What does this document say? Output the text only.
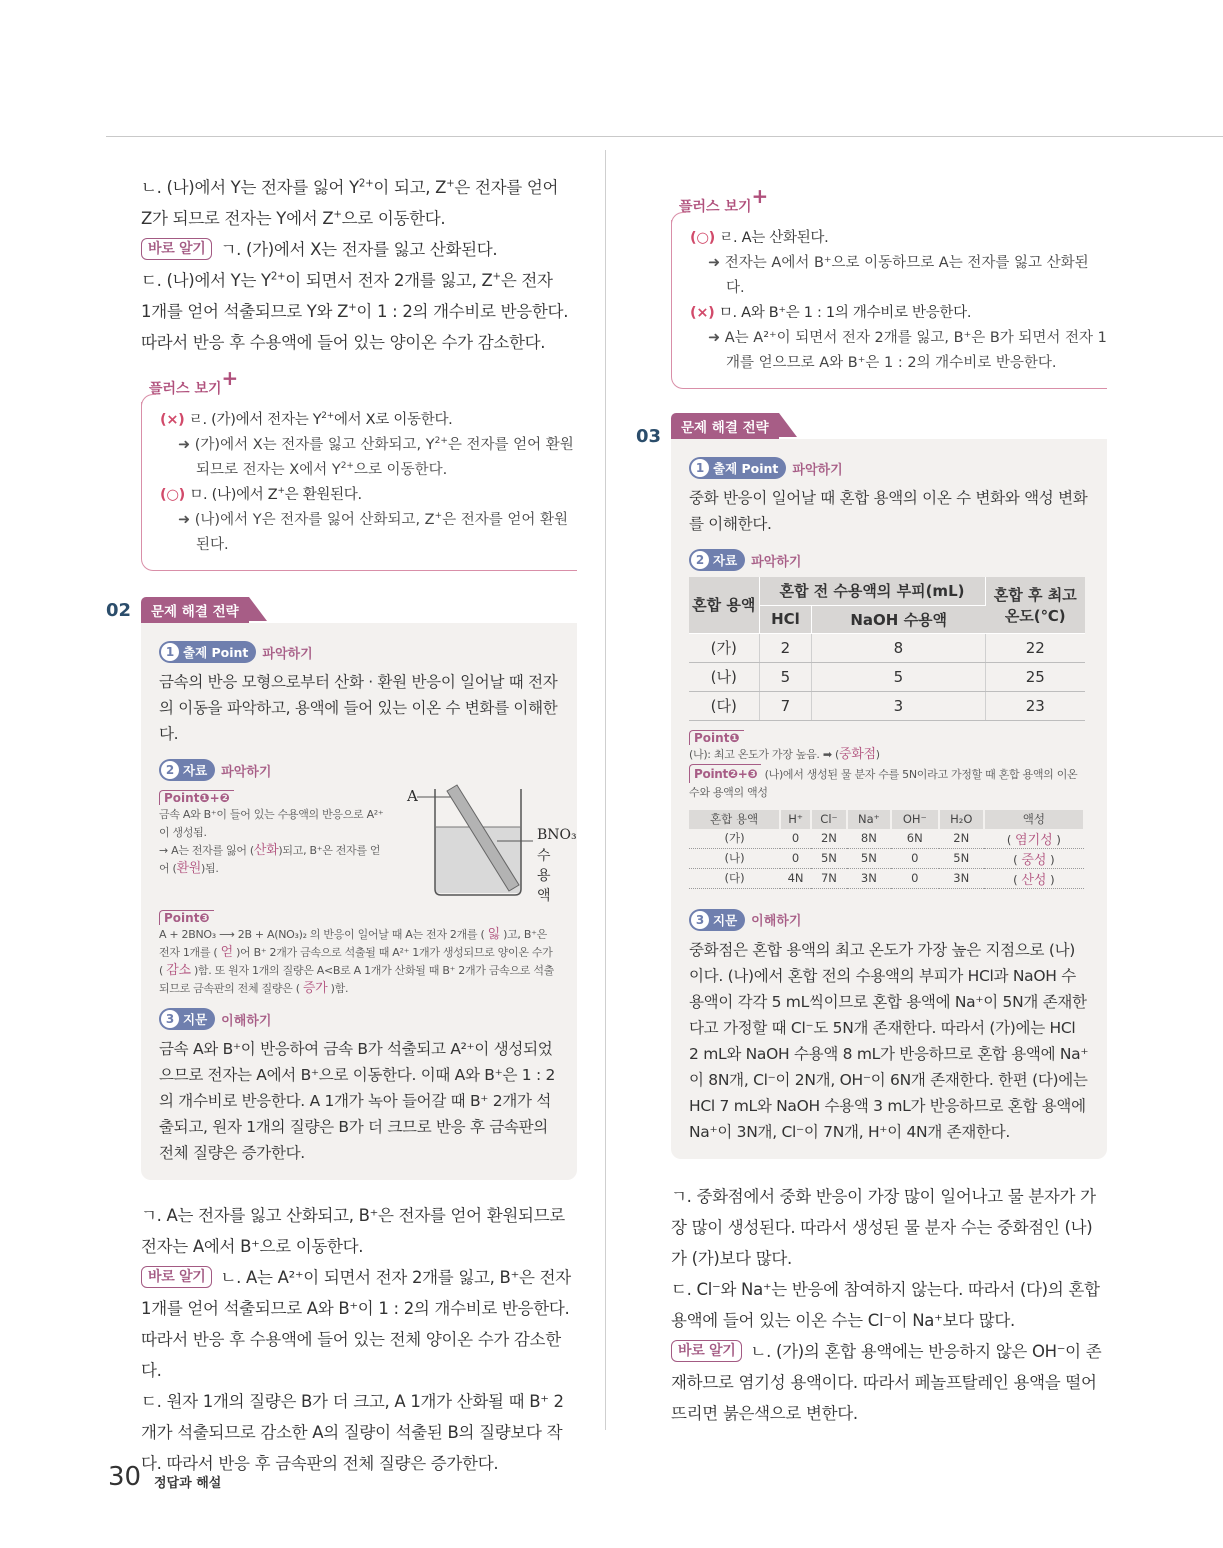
ㄴ. (나)에서 Y는 전자를 잃어 $Y^{2+}$이 되고, Z+은 전자를 얻어
Z가 되므로 전자는 Y에서 Z+으로 이동한다.
바로 알기 ㄱ. (가)에서 X는 전자를 잃고 산화된다.
ㄷ. (나)에서 Y는 $Y^{2+}$이 되면서 전자 2개를 잃고, Z+은 전자
1개를 얻어 석출되므로 Y와 Z+이 1 : 2의 개수비로 반응한다.
따라서 반응 후 수용액에 들어 있는 양이온 수가 감소한다.
플러스 보기+
(×) ㄹ. (가)에서 전자는 $Y^{2+}$에서 X로 이동한다.
➜ (가)에서 X는 전자를 잃고 산화되고, $Y^{2+}$은 전자를 얻어 환원되므로 전자는 X에서 $Y^{2+}$으로 이동한다.
(○) ㅁ. (나)에서 Z+은 환원된다.
➜ (나)에서 Y은 전자를 잃어 산화되고, Z+은 전자를 얻어 환원된다.
문제 해결 전략
1 출제 Point 파악하기
금속의 반응 모형으로부터 산화 · 환원 반응이 일어날 때 전자의 이동을 파악하고, 용액에 들어 있는 이온 수 변화를 이해한다.
2 자료 파악하기
Point❶+❷
금속 A와 B⁺이 들어 있는 수용액의 반응으로 A²⁺이 생성됨.
→ A는 전자를 잃어 (산화)되고, B⁺은 전자를 얻어 (환원)됨.
A
BNO₃
수용액
Point❸
A + 2BNO₃ ⟶ 2B + A(NO₃)₂ 의 반응이 일어날 때 A는 전자 2개를 ( 잃 )고, B⁺은 전자 1개를 ( 얻 )어 B⁺ 2개가 금속으로 석출될 때 A²⁺ 1개가 생성되므로 양이온 수가 ( 감소 )함. 또 원자 1개의 질량은 A<B로 A 1개가 산화될 때 B⁺ 2개가 금속으로 석출되므로 금속판의 전체 질량은 ( 증가 )함.
3 지문 이해하기
금속 A와 B⁺이 반응하여 금속 B가 석출되고 A²⁺이 생성되었으므로 전자는 A에서 B⁺으로 이동한다. 이때 A와 B⁺은 1 : 2의 개수비로 반응한다. A 1개가 녹아 들어갈 때 B⁺ 2개가 석출되고, 원자 1개의 질량은 B가 더 크므로 반응 후 금속판의 전체 질량은 증가한다.
ㄱ. A는 전자를 잃고 산화되고, B⁺은 전자를 얻어 환원되므로 전자는 A에서 B⁺으로 이동한다.
바로 알기 ㄴ. A는 A²⁺이 되면서 전자 2개를 잃고, B⁺은 전자 1개를 얻어 석출되므로 A와 B⁺이 1 : 2의 개수비로 반응한다. 따라서 반응 후 수용액에 들어 있는 전체 양이온 수가 감소한다.
ㄷ. 원자 1개의 질량은 B가 더 크고, A 1개가 산화될 때 B⁺ 2개가 석출되므로 감소한 A의 질량이 석출된 B의 질량보다 작다. 따라서 반응 후 금속판의 전체 질량은 증가한다.
02
플러스 보기+
(○) ㄹ. A는 산화된다.
➜ 전자는 A에서 B⁺으로 이동하므로 A는 전자를 잃고 산화된다.
(×) ㅁ. A와 B⁺은 1 : 1의 개수비로 반응한다.
➜ A는 A²⁺이 되면서 전자 2개를 잃고, B⁺은 B가 되면서 전자 1개를 얻으므로 A와 B⁺은 1 : 2의 개수비로 반응한다.
문제 해결 전략
1 출제 Point 파악하기
중화 반응이 일어날 때 혼합 용액의 이온 수 변화와 액성 변화를 이해한다.
2 자료 파악하기
혼합 용액	혼합 전 수용액의 부피(mL)		혼합 후 최고 온도(℃)
	HCl	NaOH 수용액	
(가)	2	8	22
(나)	5	5	25
(다)	7	3	23
Point❶
(나): 최고 온도가 가장 높음. ➡ (중화점)
Point❷+❸ (나)에서 생성된 물 분자 수를 5N이라고 가정할 때 혼합 용액의 이온 수와 용액의 액성
혼합 용액	H⁺	Cl⁻	Na⁺	OH⁻	H₂O	액성
(가)	0	2N	8N	6N	2N	( 염기성 )
(나)	0	5N	5N	0	5N	( 중성 )
(다)	4N	7N	3N	0	3N	( 산성 )
3 지문 이해하기
중화점은 혼합 용액의 최고 온도가 가장 높은 지점으로 (나)이다. (나)에서 혼합 전의 수용액의 부피가 HCl과 NaOH 수용액이 각각 5 mL씩이므로 혼합 용액에 Na⁺이 5N개 존재한다고 가정할 때 Cl⁻도 5N개 존재한다. 따라서 (가)에는 HCl 2 mL와 NaOH 수용액 8 mL가 반응하므로 혼합 용액에 Na⁺이 8N개, Cl⁻이 2N개, OH⁻이 6N개 존재한다. 한편 (다)에는 HCl 7 mL와 NaOH 수용액 3 mL가 반응하므로 혼합 용액에 Na⁺이 3N개, Cl⁻이 7N개, H⁺이 4N개 존재한다.
ㄱ. 중화점에서 중화 반응이 가장 많이 일어나고 물 분자가 가장 많이 생성된다. 따라서 생성된 물 분자 수는 중화점인 (나)가 (가)보다 많다.
ㄷ. Cl⁻와 Na⁺는 반응에 참여하지 않는다. 따라서 (다)의 혼합 용액에 들어 있는 이온 수는 Cl⁻이 Na⁺보다 많다.
바로 알기 ㄴ. (가)의 혼합 용액에는 반응하지 않은 OH⁻이 존재하므로 염기성 용액이다. 따라서 페놀프탈레인 용액을 떨어뜨리면 붉은색으로 변한다.
03
30 정답과 해설
